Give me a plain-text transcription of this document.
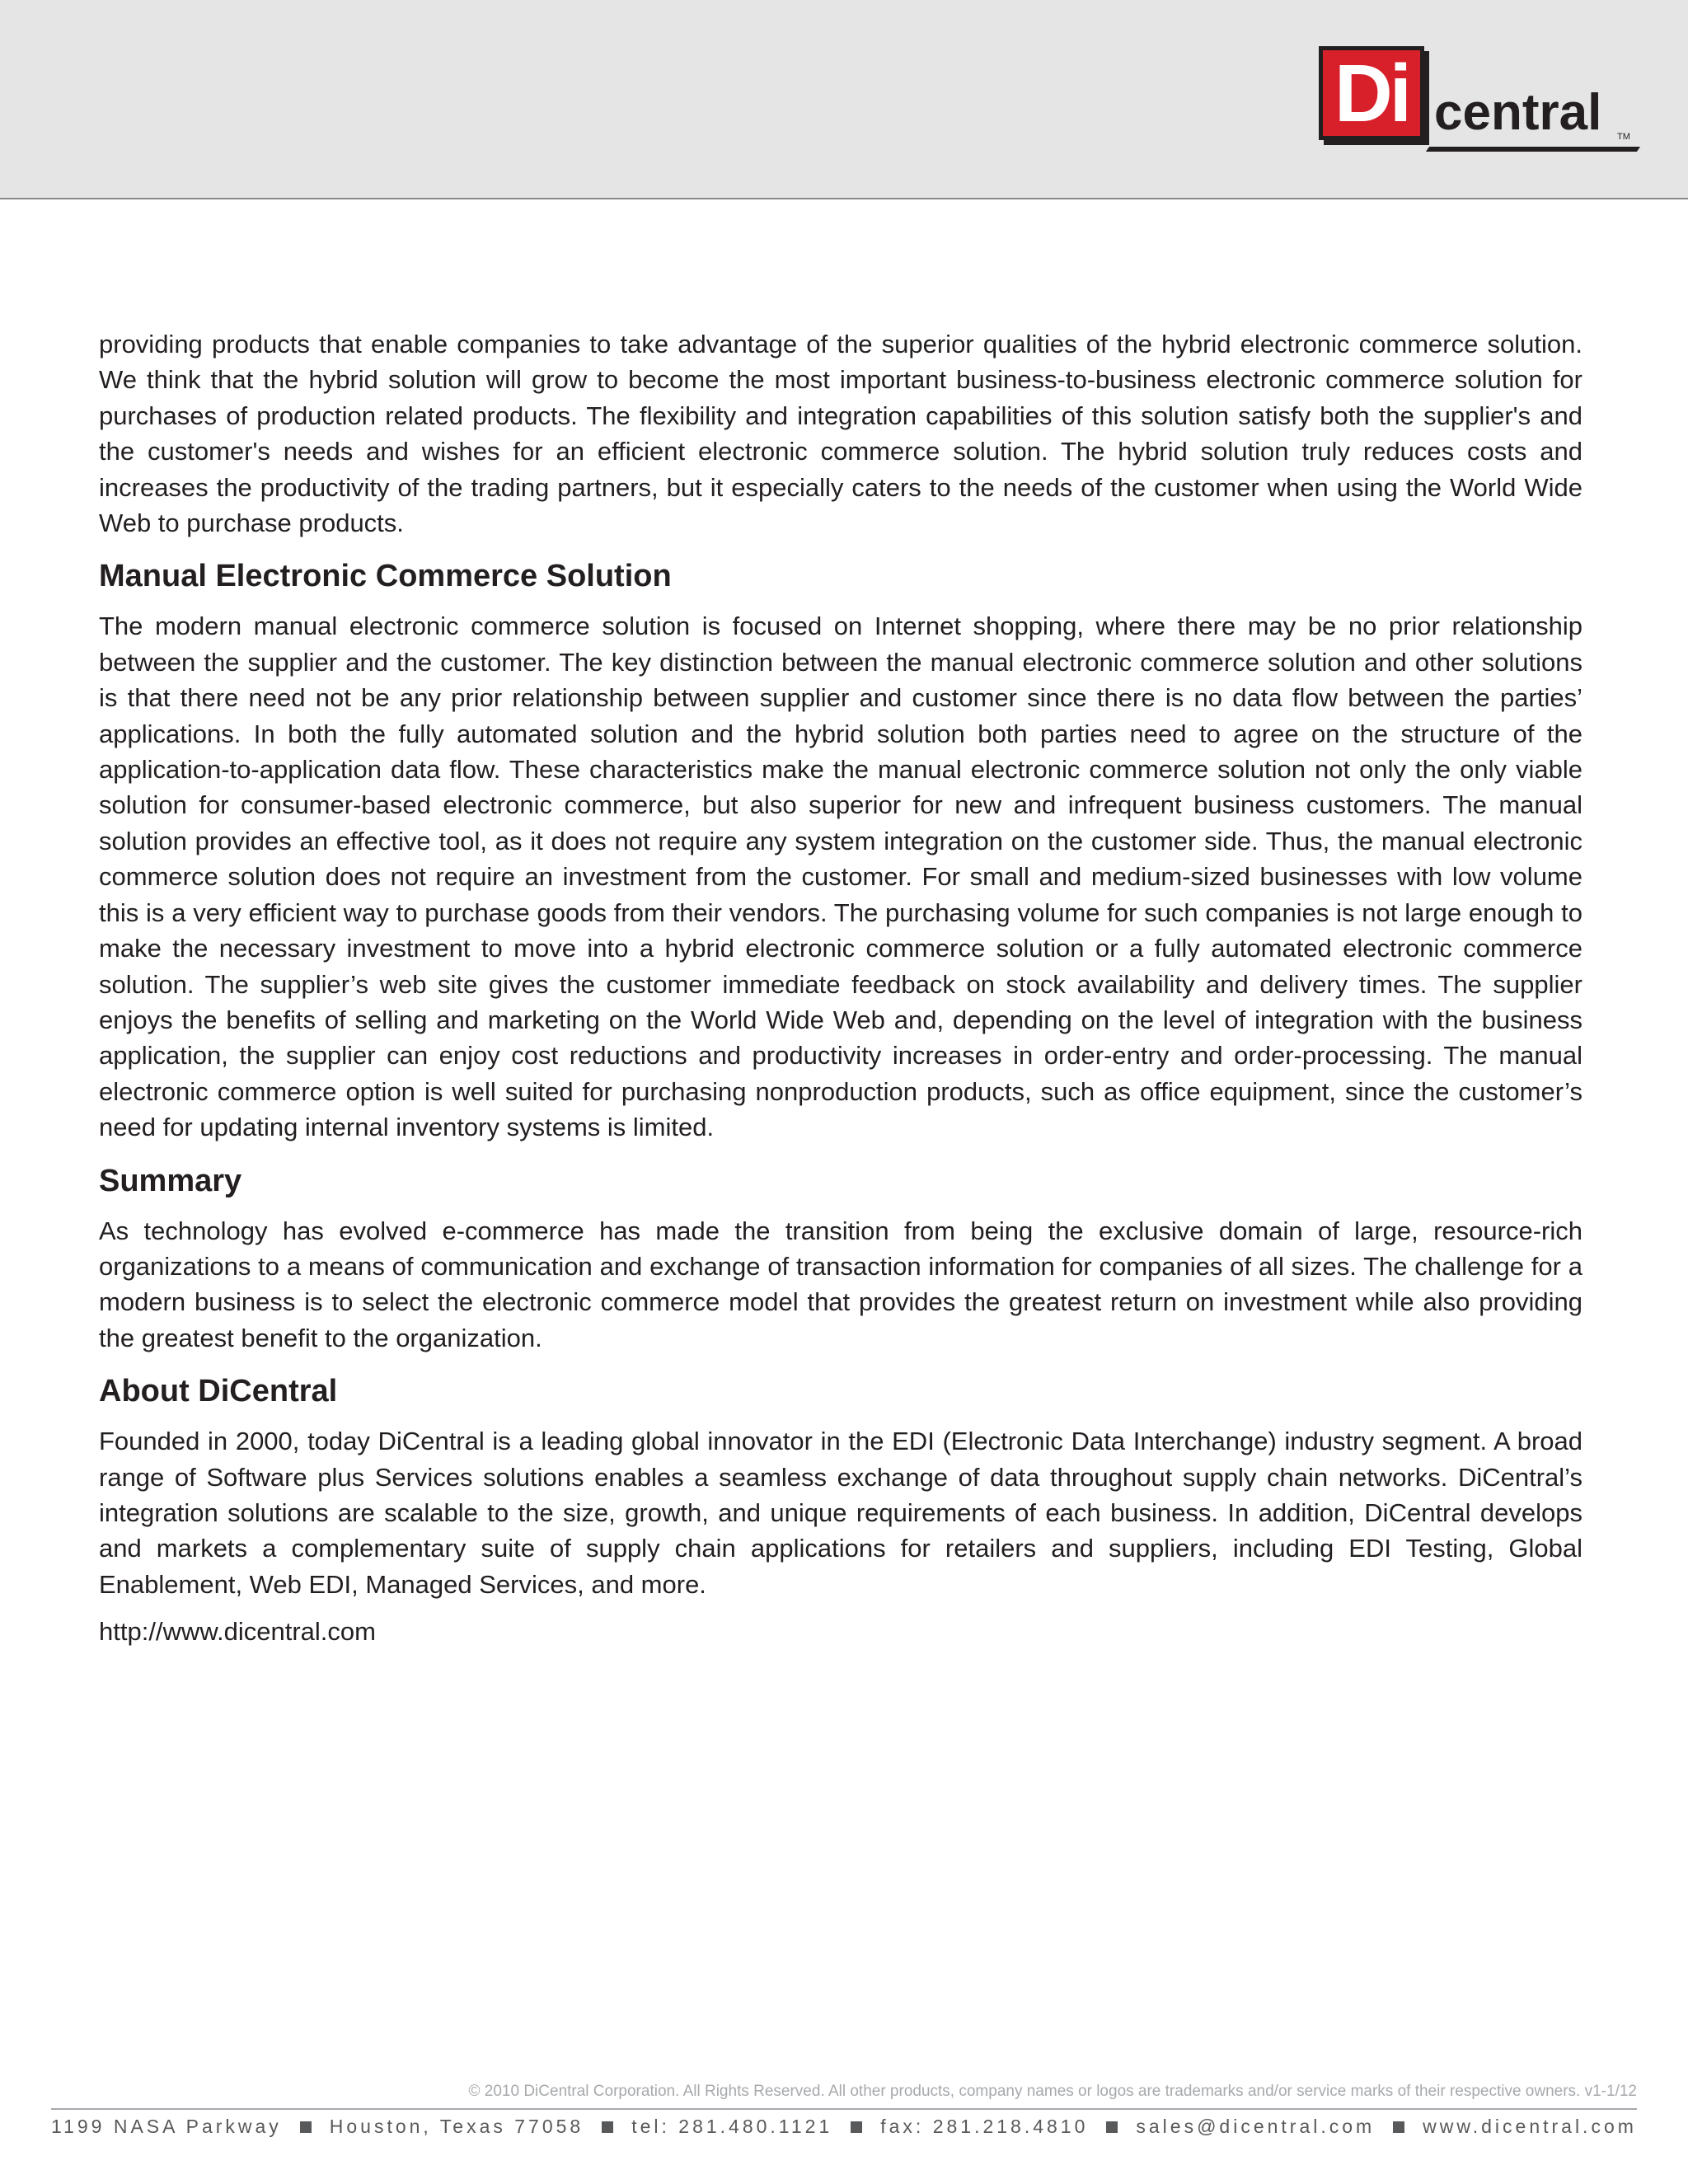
Di central TM

providing products that enable companies to take advantage of the superior qualities of the hybrid electronic commerce solution. We think that the hybrid solution will grow to become the most important business-to-business electronic commerce solution for purchases of production related products. The flexibility and integration capabilities of this solution satisfy both the supplier's and the customer's needs and wishes for an efficient electronic commerce solution. The hybrid solution truly reduces costs and increases the productivity of the trading partners, but it especially caters to the needs of the customer when using the World Wide Web to purchase products.

Manual Electronic Commerce Solution

The modern manual electronic commerce solution is focused on Internet shopping, where there may be no prior relationship between the supplier and the customer. The key distinction between the manual electronic commerce solution and other solutions is that there need not be any prior relationship between supplier and customer since there is no data flow between the parties’ applications. In both the fully automated solution and the hybrid solution both parties need to agree on the structure of the application-to-application data flow. These characteristics make the manual electronic commerce solution not only the only viable solution for consumer-based electronic commerce, but also superior for new and infrequent business customers. The manual solution provides an effective tool, as it does not require any system integration on the customer side. Thus, the manual electronic commerce solution does not require an investment from the customer. For small and medium-sized businesses with low volume this is a very efficient way to purchase goods from their vendors. The purchasing volume for such companies is not large enough to make the necessary investment to move into a hybrid electronic commerce solution or a fully automated electronic commerce solution. The supplier’s web site gives the customer immediate feedback on stock availability and delivery times. The supplier enjoys the benefits of selling and marketing on the World Wide Web and, depending on the level of integration with the business application, the supplier can enjoy cost reductions and productivity increases in order-entry and order-processing. The manual electronic commerce option is well suited for purchasing nonproduction products, such as office equipment, since the customer’s need for updating internal inventory systems is limited.

Summary

As technology has evolved e-commerce has made the transition from being the exclusive domain of large, resource-rich organizations to a means of communication and exchange of transaction information for companies of all sizes. The challenge for a modern business is to select the electronic commerce model that provides the greatest return on investment while also providing the greatest benefit to the organization.

About DiCentral

Founded in 2000, today DiCentral is a leading global innovator in the EDI (Electronic Data Interchange) industry segment. A broad range of Software plus Services solutions enables a seamless exchange of data throughout supply chain networks. DiCentral’s integration solutions are scalable to the size, growth, and unique requirements of each business. In addition, DiCentral develops and markets a complementary suite of supply chain applications for retailers and suppliers, including EDI Testing, Global Enablement, Web EDI, Managed Services, and more.

http://www.dicentral.com
© 2010 DiCentral Corporation. All Rights Reserved. All other products, company names or logos are trademarks and/or service marks of their respective owners. v1-1/12
1199 NASA Parkway	Houston, Texas 77058	tel: 281.480.1121	fax: 281.218.4810	sales@dicentral.com	www.dicentral.com
